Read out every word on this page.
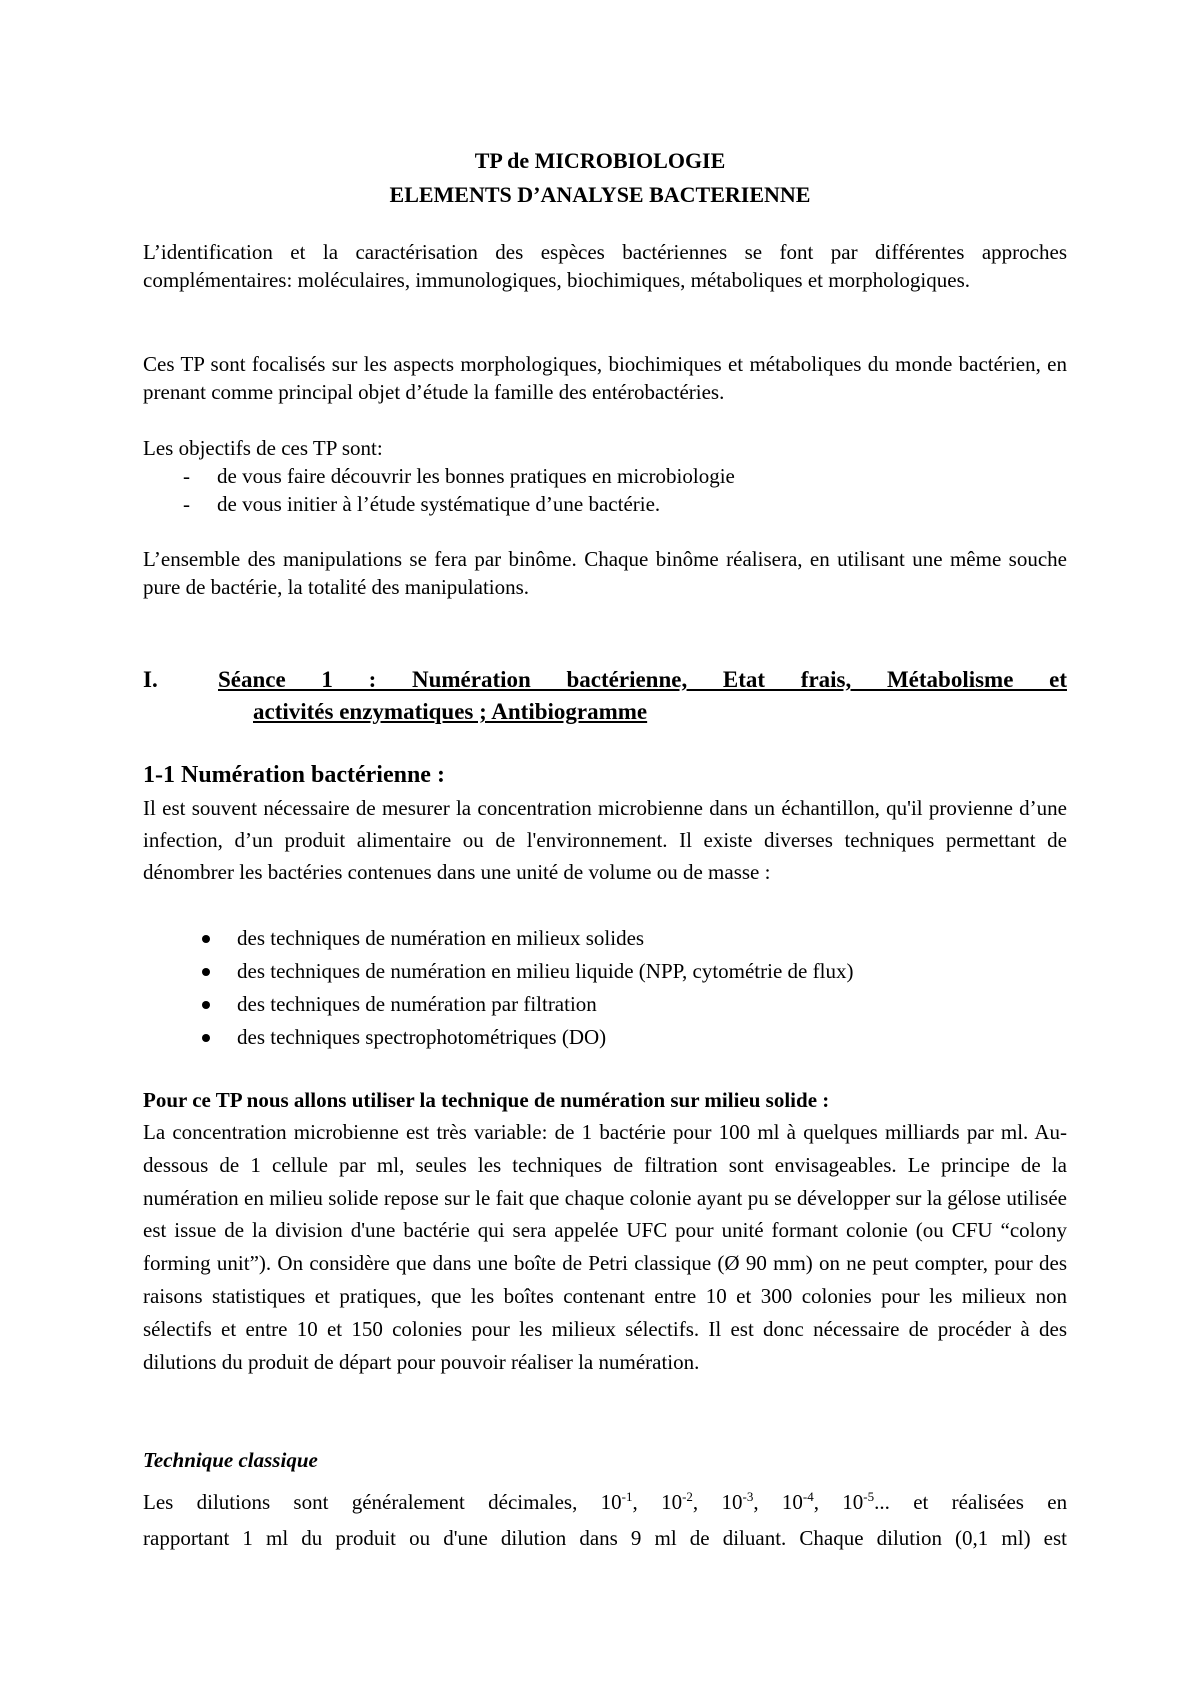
TP de MICROBIOLOGIE
ELEMENTS D’ANALYSE BACTERIENNE

L’identification et la caractérisation des espèces bactériennes se font par différentes approches complémentaires: moléculaires, immunologiques, biochimiques, métaboliques et morphologiques.

Ces TP sont focalisés sur les aspects morphologiques, biochimiques et métaboliques du monde bactérien, en prenant comme principal objet d’étude la famille des entérobactéries.

Les objectifs de ces TP sont:
-	de vous faire découvrir les bonnes pratiques en microbiologie
-	de vous initier à l’étude systématique d’une bactérie.

L’ensemble des manipulations se fera par binôme. Chaque binôme réalisera, en utilisant une même souche pure de bactérie, la totalité des manipulations.

I.	Séance 1 : Numération bactérienne, Etat frais, Métabolisme et
activités enzymatiques ; Antibiogramme
1-1 Numération bactérienne :

Il est souvent nécessaire de mesurer la concentration microbienne dans un échantillon, qu'il provienne d’une infection, d’un produit alimentaire ou de l'environnement. Il existe diverses techniques permettant de dénombrer les bactéries contenues dans une unité de volume ou de masse :

des techniques de numération en milieux solides
des techniques de numération en milieu liquide (NPP, cytométrie de flux)
des techniques de numération par filtration
des techniques spectrophotométriques (DO)
Pour ce TP nous allons utiliser la technique de numération sur milieu solide :

La concentration microbienne est très variable: de 1 bactérie pour 100 ml à quelques milliards par ml. Au-dessous de 1 cellule par ml, seules les techniques de filtration sont envisageables. Le principe de la numération en milieu solide repose sur le fait que chaque colonie ayant pu se développer sur la gélose utilisée est issue de la division d'une bactérie qui sera appelée UFC pour unité formant colonie (ou CFU “colony forming unit”). On considère que dans une boîte de Petri classique (Ø 90 mm) on ne peut compter, pour des raisons statistiques et pratiques, que les boîtes contenant entre 10 et 300 colonies pour les milieux non sélectifs et entre 10 et 150 colonies pour les milieux sélectifs. Il est donc nécessaire de procéder à des dilutions du produit de départ pour pouvoir réaliser la numération.

Technique classique
Les dilutions sont généralement décimales, $10^{-1}$, $10^{-2}$, $10^{-3}$, $10^{-4}$, $10^{-5}$... et réalisées en
rapportant 1 ml du produit ou d'une dilution dans 9 ml de diluant. Chaque dilution (0,1 ml) est
